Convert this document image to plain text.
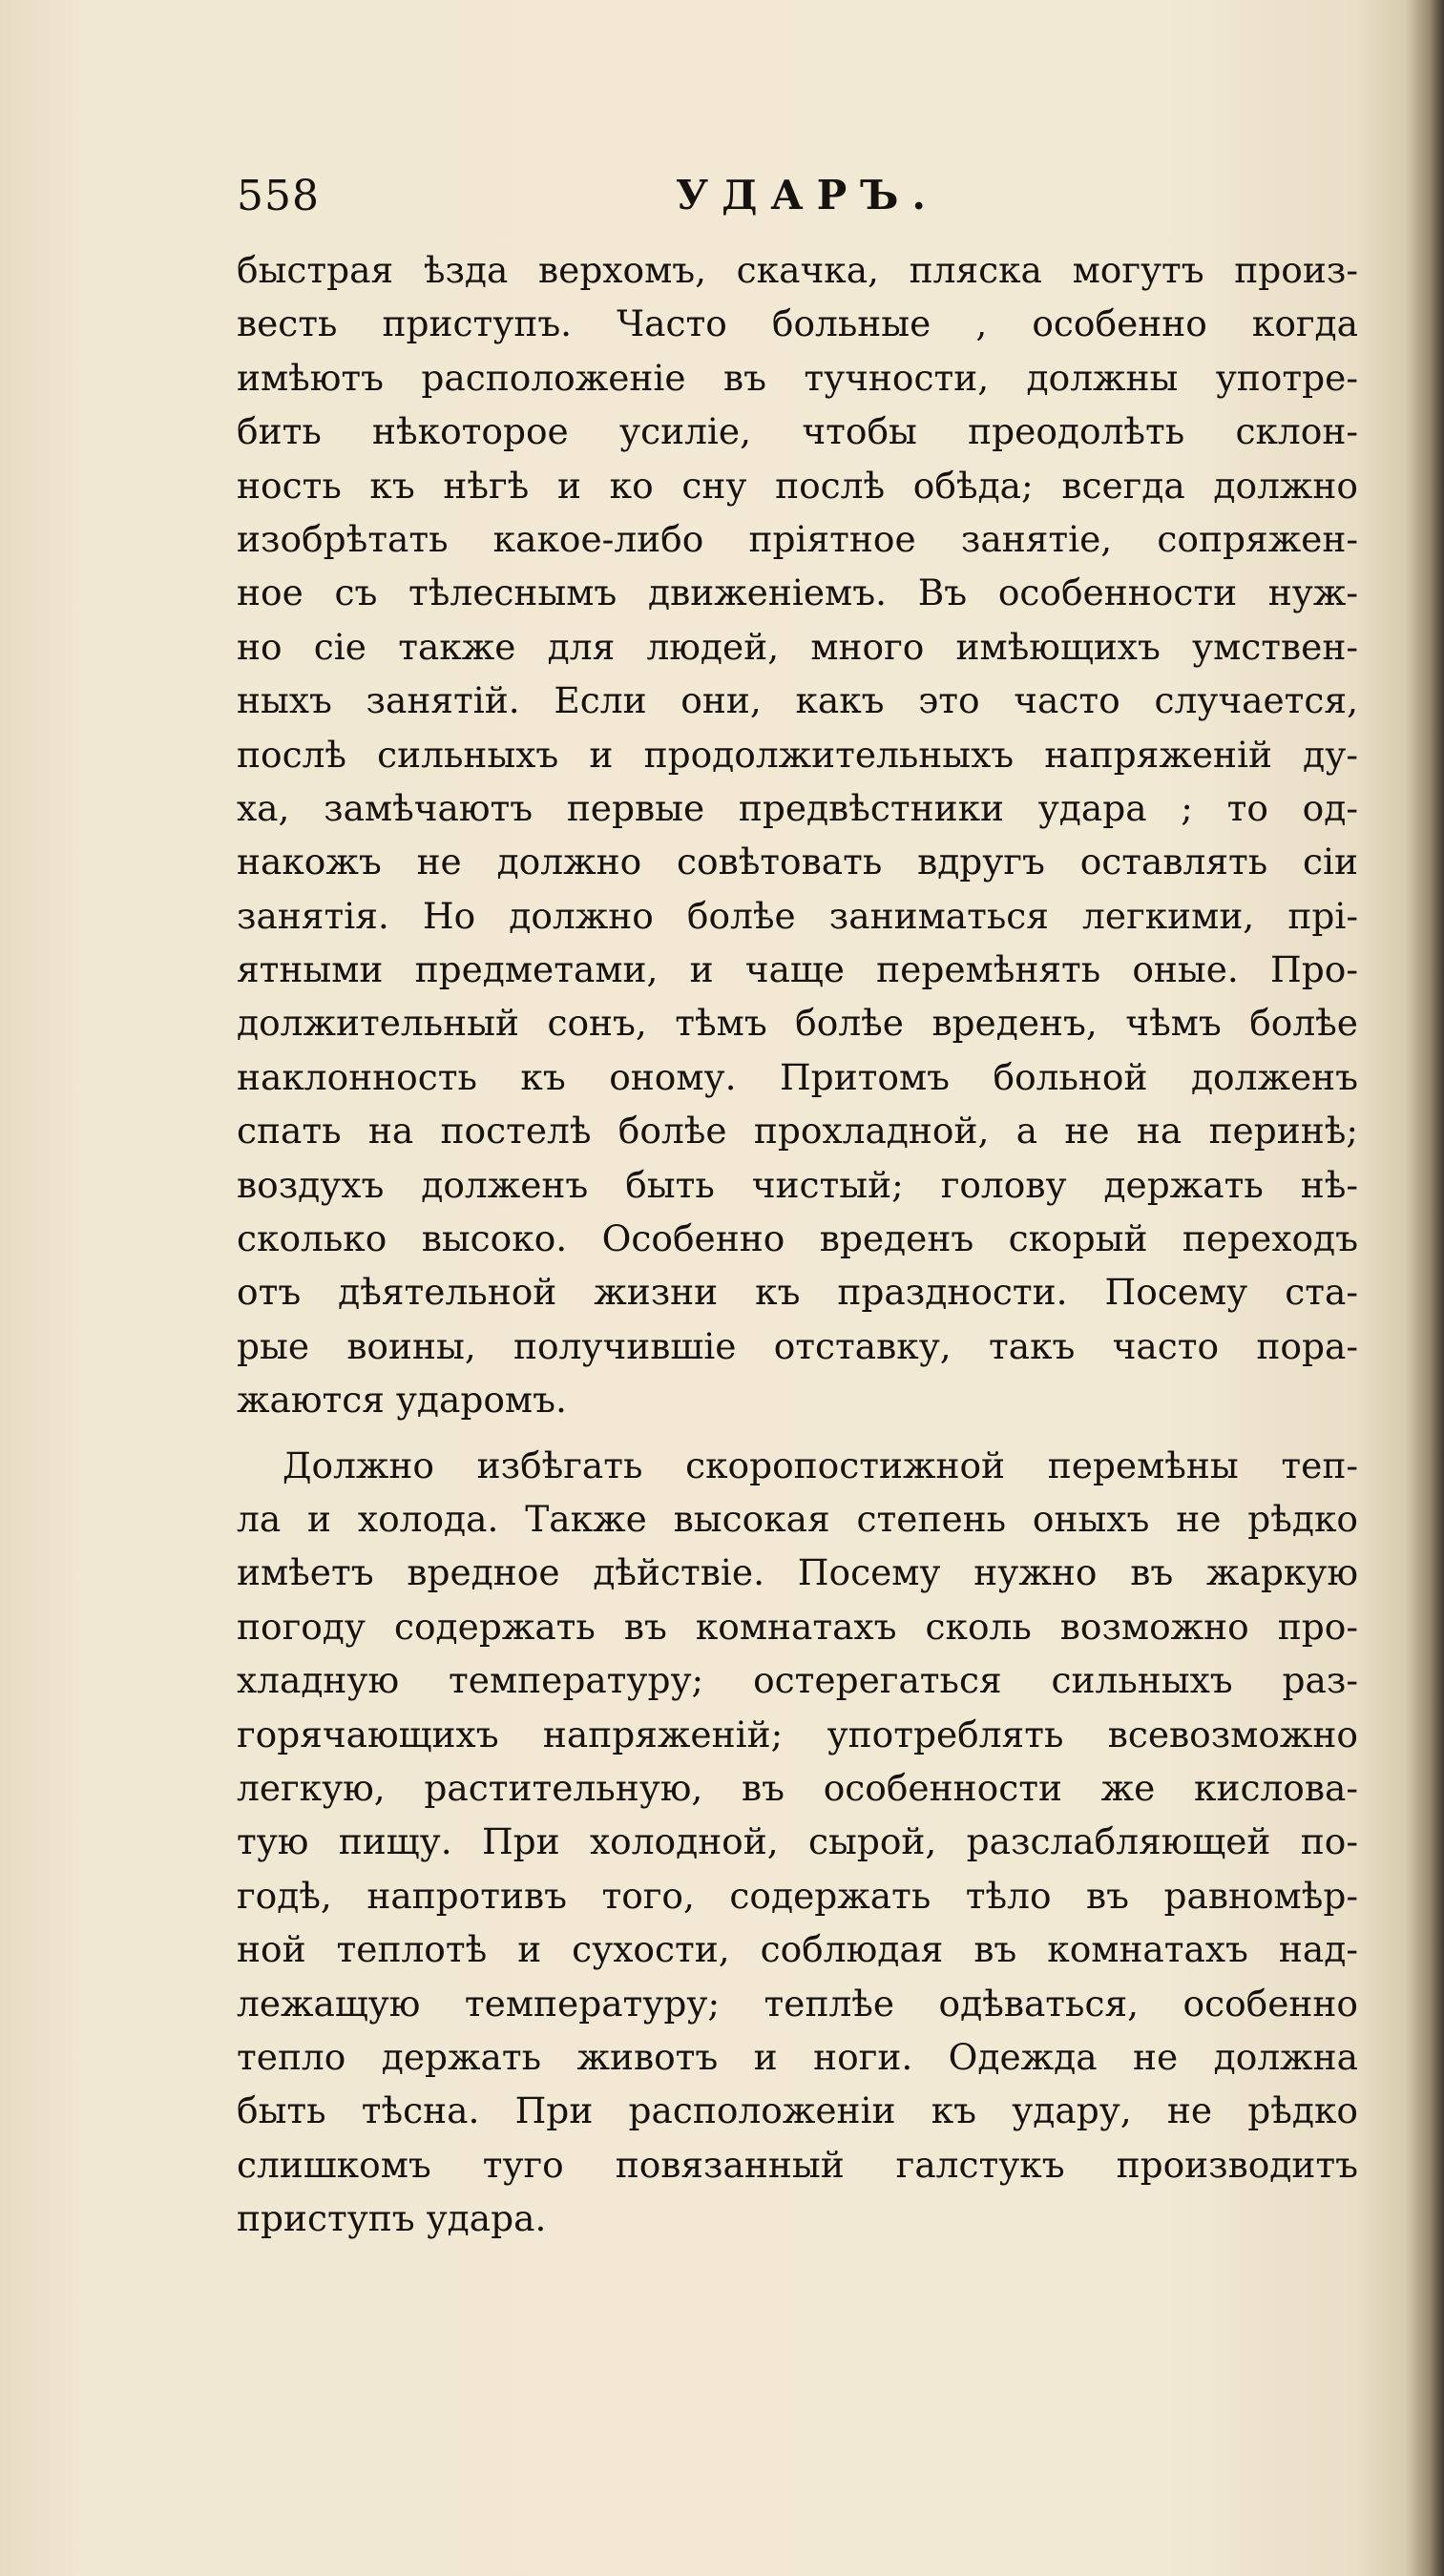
558	УДАРЪ.
быстрая ѣзда верхомъ, скачка, пляска могутъ произ-
весть приступъ. Часто больные , особенно когда
имѣютъ расположенiе въ тучности, должны употре-
бить нѣкоторое усилiе, чтобы преодолѣть склон-
ность къ нѣгѣ и ко сну послѣ обѣда; всегда должно
изобрѣтать какое-либо прiятное занятiе, сопряжен-
ное съ тѣлеснымъ движенiемъ. Въ особенности нуж-
но сiе также для людей, много имѣющихъ умствен-
ныхъ занятiй. Если они, какъ это часто случается,
послѣ сильныхъ и продолжительныхъ напряженiй ду-
ха, замѣчаютъ первые предвѣстники удара ; то од-
накожъ не должно совѣтовать вдругъ оставлять сiи
занятiя. Но должно болѣе заниматься легкими, прi-
ятными предметами, и чаще перемѣнять оные. Про-
должительный сонъ, тѣмъ болѣе вреденъ, чѣмъ болѣе
наклонность къ оному. Притомъ больной долженъ
спать на постелѣ болѣе прохладной, а не на перинѣ;
воздухъ долженъ быть чистый; голову держать нѣ-
сколько высоко. Особенно вреденъ скорый переходъ
отъ дѣятельной жизни къ праздности. Посему ста-
рые воины, получившiе отставку, такъ часто пора-
жаются ударомъ.
Должно избѣгать скоропостижной перемѣны теп-
ла и холода. Также высокая степень оныхъ не рѣдко
имѣетъ вредное дѣйствiе. Посему нужно въ жаркую
погоду содержать въ комнатахъ сколь возможно про-
хладную температуру; остерегаться сильныхъ раз-
горячающихъ напряженiй; употреблять всевозможно
легкую, растительную, въ особенности же кислова-
тую пищу. При холодной, сырой, разслабляющей по-
годѣ, напротивъ того, содержать тѣло въ равномѣр-
ной теплотѣ и сухости, соблюдая въ комнатахъ над-
лежащую температуру; теплѣе одѣваться, особенно
тепло держать животъ и ноги. Одежда не должна
быть тѣсна. При расположенiи къ удару, не рѣдко
слишкомъ туго повязанный галстукъ производитъ
приступъ удара.
